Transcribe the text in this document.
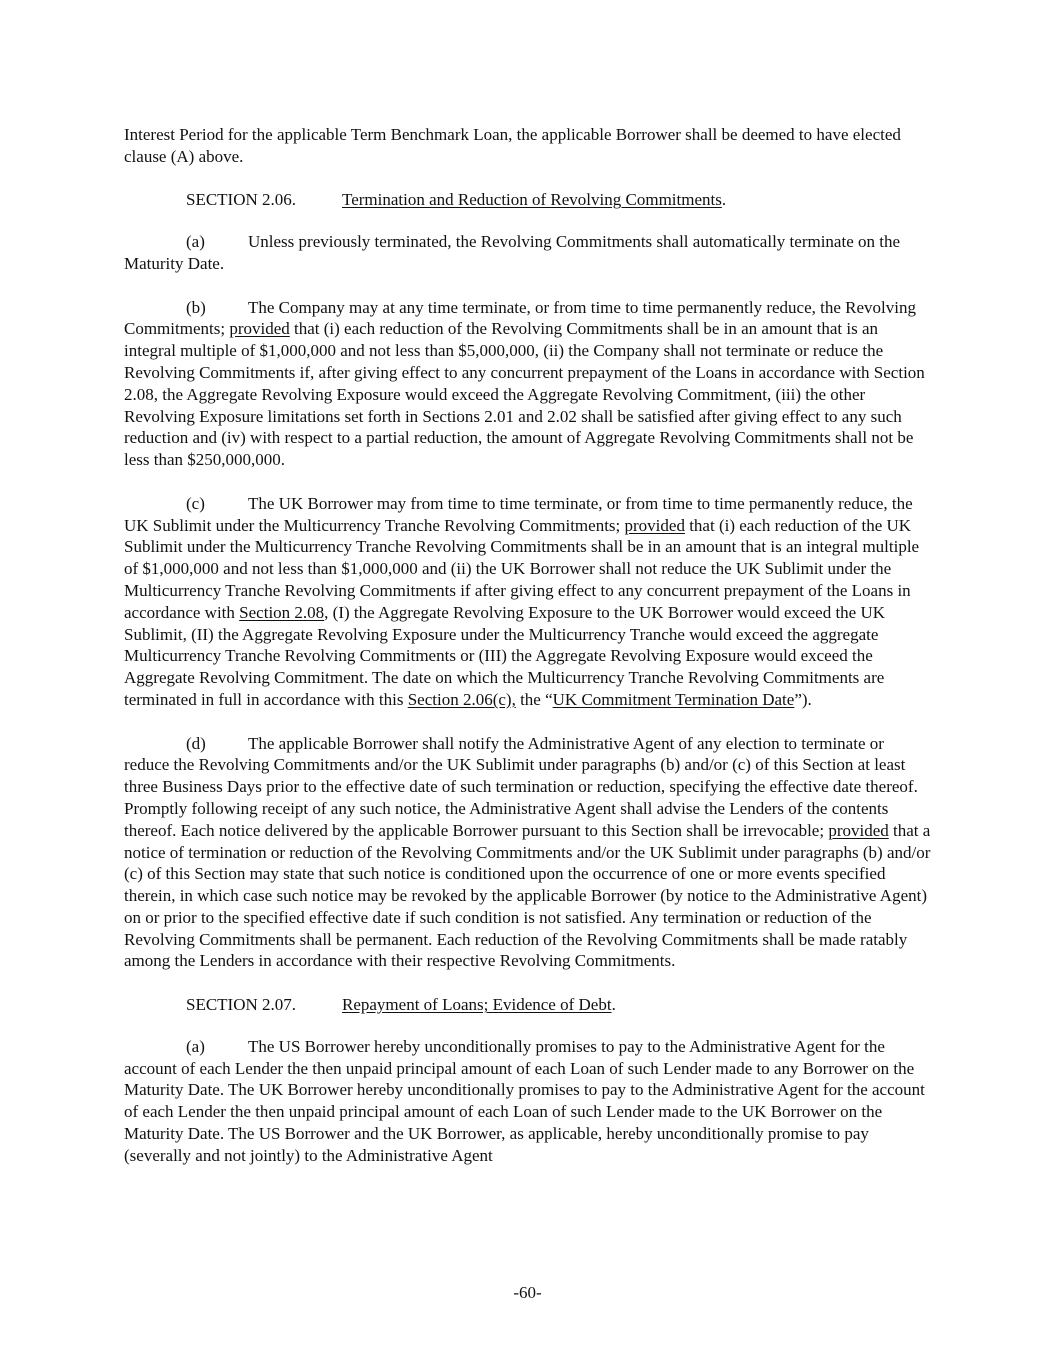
Interest Period for the applicable Term Benchmark Loan, the applicable Borrower shall be deemed to have elected clause (A) above.

SECTION 2.06.	Termination and Reduction of Revolving Commitments.

(a)	Unless previously terminated, the Revolving Commitments shall automatically terminate on the Maturity Date.

(b) The Company may at any time terminate, or from time to time permanently reduce, the Revolving Commitments; provided that (i) each reduction of the Revolving Commitments shall be in an amount that is an integral multiple of $1,000,000 and not less than $5,000,000, (ii) the Company shall not terminate or reduce the Revolving Commitments if, after giving effect to any concurrent prepayment of the Loans in accordance with Section 2.08, the Aggregate Revolving Exposure would exceed the Aggregate Revolving Commitment, (iii) the other Revolving Exposure limitations set forth in Sections 2.01 and 2.02 shall be satisfied after giving effect to any such reduction and (iv) with respect to a partial reduction, the amount of Aggregate Revolving Commitments shall not be less than $250,000,000.

(c)	The UK Borrower may from time to time terminate, or from time to time permanently reduce, the UK Sublimit under the Multicurrency Tranche Revolving Commitments; provided that (i) each reduction of the UK Sublimit under the Multicurrency Tranche Revolving Commitments shall be in an amount that is an integral multiple of $1,000,000 and not less than $1,000,000 and (ii) the UK Borrower shall not reduce the UK Sublimit under the Multicurrency Tranche Revolving Commitments if after giving effect to any concurrent prepayment of the Loans in accordance with Section 2.08, (I) the Aggregate Revolving Exposure to the UK Borrower would exceed the UK Sublimit, (II) the Aggregate Revolving Exposure under the Multicurrency Tranche would exceed the aggregate Multicurrency Tranche Revolving Commitments or (III) the Aggregate Revolving Exposure would exceed the Aggregate Revolving Commitment. The date on which the Multicurrency Tranche Revolving Commitments are terminated in full in accordance with this Section 2.06(c), the “UK Commitment Termination Date”).

(d) The applicable Borrower shall notify the Administrative Agent of any election to terminate or reduce the Revolving Commitments and/or the UK Sublimit under paragraphs (b) and/or (c) of this Section at least three Business Days prior to the effective date of such termination or reduction, specifying the effective date thereof. Promptly following receipt of any such notice, the Administrative Agent shall advise the Lenders of the contents thereof. Each notice delivered by the applicable Borrower pursuant to this Section shall be irrevocable; provided that a notice of termination or reduction of the Revolving Commitments and/or the UK Sublimit under paragraphs (b) and/or (c) of this Section may state that such notice is conditioned upon the occurrence of one or more events specified therein, in which case such notice may be revoked by the applicable Borrower (by notice to the Administrative Agent) on or prior to the specified effective date if such condition is not satisfied. Any termination or reduction of the Revolving Commitments shall be permanent. Each reduction of the Revolving Commitments shall be made ratably among the Lenders in accordance with their respective Revolving Commitments.

SECTION 2.07.	Repayment of Loans; Evidence of Debt.

(a)	The US Borrower hereby unconditionally promises to pay to the Administrative Agent for the account of each Lender the then unpaid principal amount of each Loan of such Lender made to any Borrower on the Maturity Date. The UK Borrower hereby unconditionally promises to pay to the Administrative Agent for the account of each Lender the then unpaid principal amount of each Loan of such Lender made to the UK Borrower on the Maturity Date. The US Borrower and the UK Borrower, as applicable, hereby unconditionally promise to pay (severally and not jointly) to the Administrative Agent

-60-
